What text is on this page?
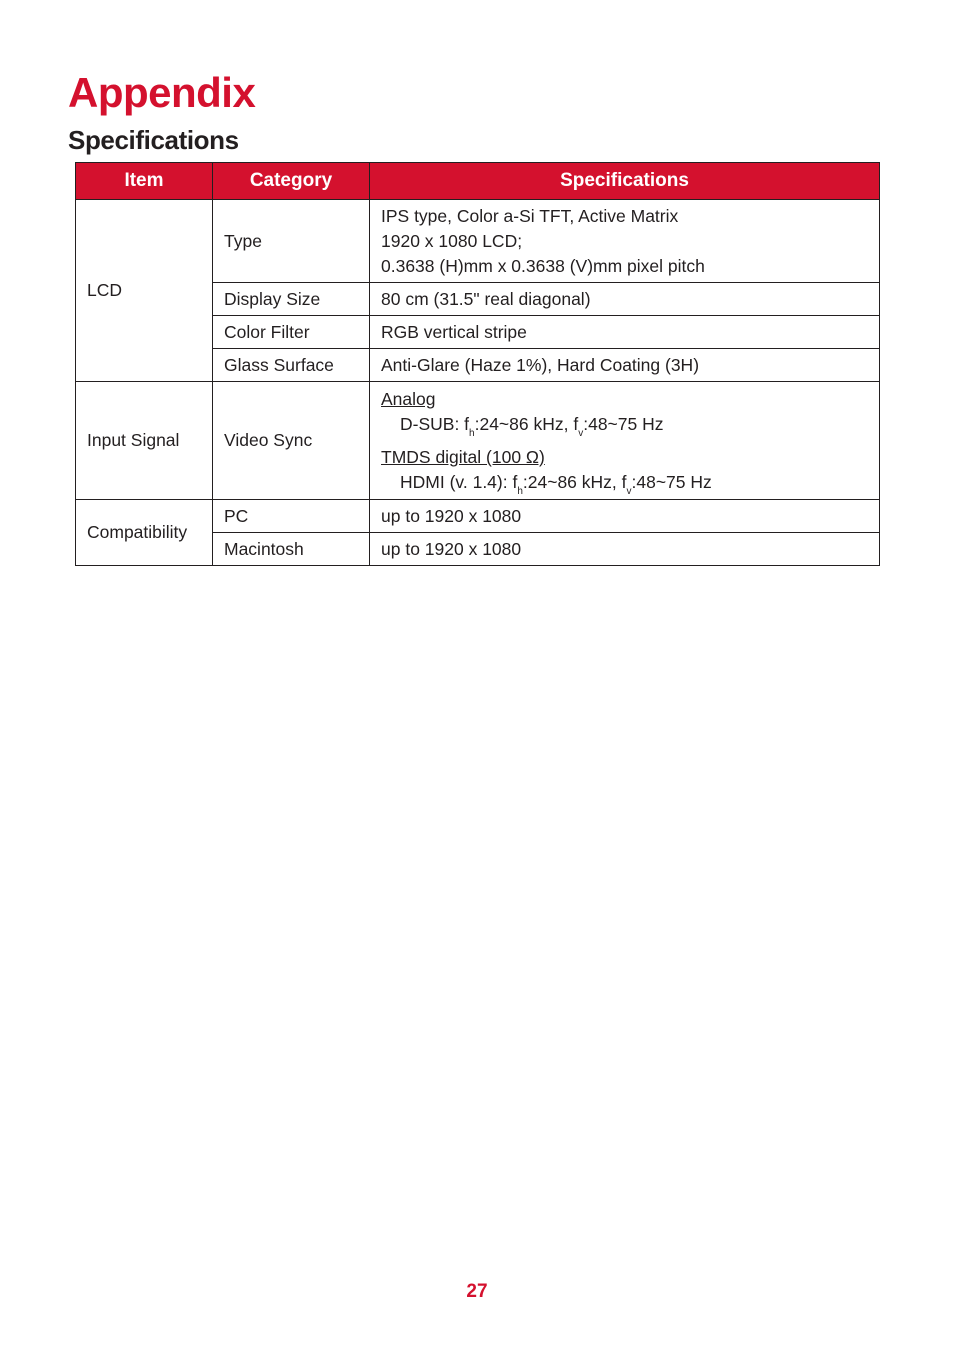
Appendix
Specifications
Item	Category	Specifications
LCD	Type	IPS type, Color a-Si TFT, Active Matrix
1920 x 1080 LCD;
0.3638 (H)mm x 0.3638 (V)mm pixel pitch

	Display Size	80 cm (31.5" real diagonal)
	Color Filter	RGB vertical stripe
	Glass Surface	Anti-Glare (Haze 1%), Hard Coating (3H)
Input Signal	Video Sync	Analog
D-SUB: $f_h:24\sim 86$ kHz, $f_v:48\sim 75$ Hz
TMDS digital (100 Ω)
HDMI (v. 1.4): $f_h:24\sim 86$ kHz, $f_v:48\sim 75$ Hz

Compatibility	PC	up to 1920 x 1080
	Macintosh	up to 1920 x 1080
27
